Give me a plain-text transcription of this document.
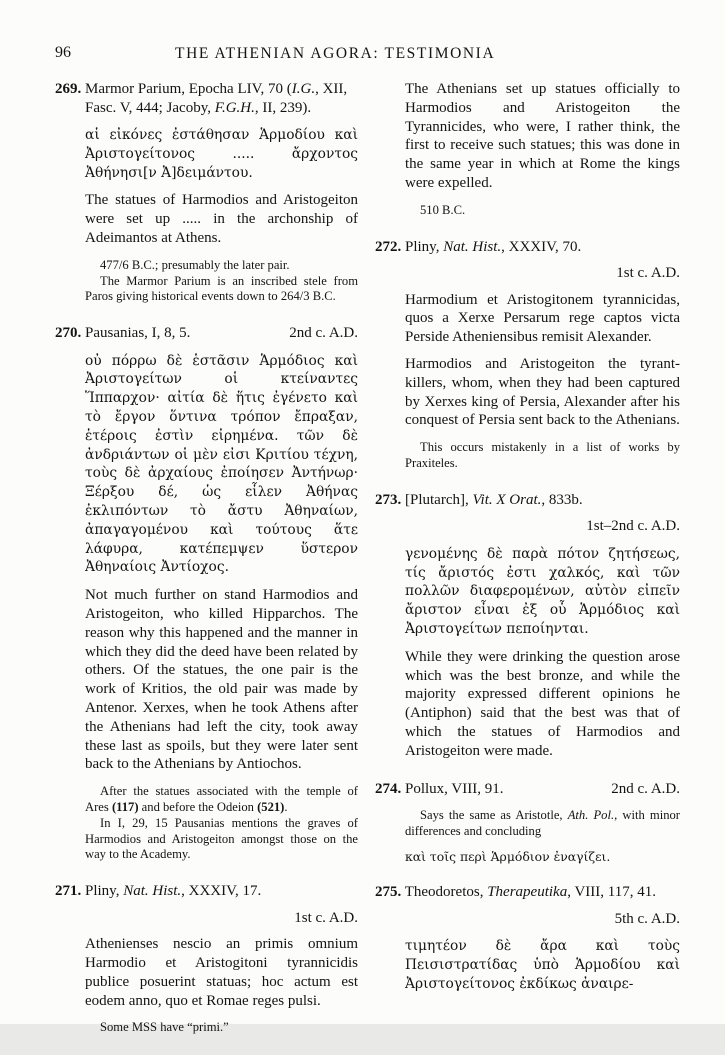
96	THE ATHENIAN AGORA: TESTIMONIA

269. Marmor Parium, Epocha LIV, 70 (I.G., XII, Fasc. V, 444; Jacoby, F.G.H., II, 239).

αἱ εἰκόνες ἐστάθησαν Ἁρμοδίου καὶ Ἀριστογείτονος ..... ἄρχοντος Ἀθήνησι[ν Ἀ]δειμάντου.

The statues of Harmodios and Aristogeiton were set up ..... in the archonship of Adeimantos at Athens.

477/6 B.C.; presumably the later pair.

The Marmor Parium is an inscribed stele from Paros giving historical events down to 264/3 B.C.

2nd c. A.D.
270. Pausanias, I, 8, 5.

οὐ πόρρω δὲ ἑστᾶσιν Ἁρμόδιος καὶ Ἀριστογείτων οἱ κτείναντες Ἵππαρχον· αἰτία δὲ ἥτις ἐγένετο καὶ τὸ ἔργον ὅντινα τρόπον ἔπραξαν, ἑτέροις ἐστὶν εἰρημένα. τῶν δὲ ἀνδριάντων οἱ μὲν εἰσι Κριτίου τέχνη, τοὺς δὲ ἀρχαίους ἐποίησεν Ἀντήνωρ· Ξέρξου δέ, ὡς εἷλεν Ἀθήνας ἐκλιπόντων τὸ ἄστυ Ἀθηναίων, ἀπαγαγομένου καὶ τούτους ἅτε λάφυρα, κατέπεμψεν ὕστερον Ἀθηναίοις Ἀντίοχος.

Not much further on stand Harmodios and Aristogeiton, who killed Hipparchos. The reason why this happened and the manner in which they did the deed have been related by others. Of the statues, the one pair is the work of Kritios, the old pair was made by Antenor. Xerxes, when he took Athens after the Athenians had left the city, took away these last as spoils, but they were later sent back to the Athenians by Antiochos.

After the statues associated with the temple of Ares (117) and before the Odeion (521).

In I, 29, 15 Pausanias mentions the graves of Harmodios and Aristogeiton amongst those on the way to the Academy.

271. Pliny, Nat. Hist., XXXIV, 17.

1st c. A.D.

Athenienses nescio an primis omnium Harmodio et Aristogitoni tyrannicidis publice posuerint statuas; hoc actum est eodem anno, quo et Romae reges pulsi.

Some MSS have “primi.”

The Athenians set up statues officially to Harmodios and Aristogeiton the Tyrannicides, who were, I rather think, the first to receive such statues; this was done in the same year in which at Rome the kings were expelled.

510 B.C.

272. Pliny, Nat. Hist., XXXIV, 70.

1st c. A.D.

Harmodium et Aristogitonem tyrannicidas, quos a Xerxe Persarum rege captos victa Perside Atheniensibus remisit Alexander.

Harmodios and Aristogeiton the tyrant-killers, whom, when they had been captured by Xerxes king of Persia, Alexander after his conquest of Persia sent back to the Athenians.

This occurs mistakenly in a list of works by Praxiteles.

273. [Plutarch], Vit. X Orat., 833b.

1st–2nd c. A.D.

γενομένης δὲ παρὰ πότον ζητήσεως, τίς ἄριστός ἐστι χαλκός, καὶ τῶν πολλῶν διαφερομένων, αὐτὸν εἰπεῖν ἄριστον εἶναι ἐξ οὗ Ἁρμόδιος καὶ Ἀριστογείτων πεποίηνται.

While they were drinking the question arose which was the best bronze, and while the majority expressed different opinions he (Antiphon) said that the best was that of which the statues of Harmodios and Aristogeiton were made.

2nd c. A.D.
274. Pollux, VIII, 91.

Says the same as Aristotle, Ath. Pol., with minor differences and concluding

καὶ τοῖς περὶ Ἁρμόδιον ἐναγίζει.

275. Theodoretos, Therapeutika, VIII, 117, 41.

5th c. A.D.

τιμητέον δὲ ἄρα καὶ τοὺς Πεισιστρατίδας ὑπὸ Ἁρμοδίου καὶ Ἀριστογείτονος ἐκδίκως ἀναιρε-
